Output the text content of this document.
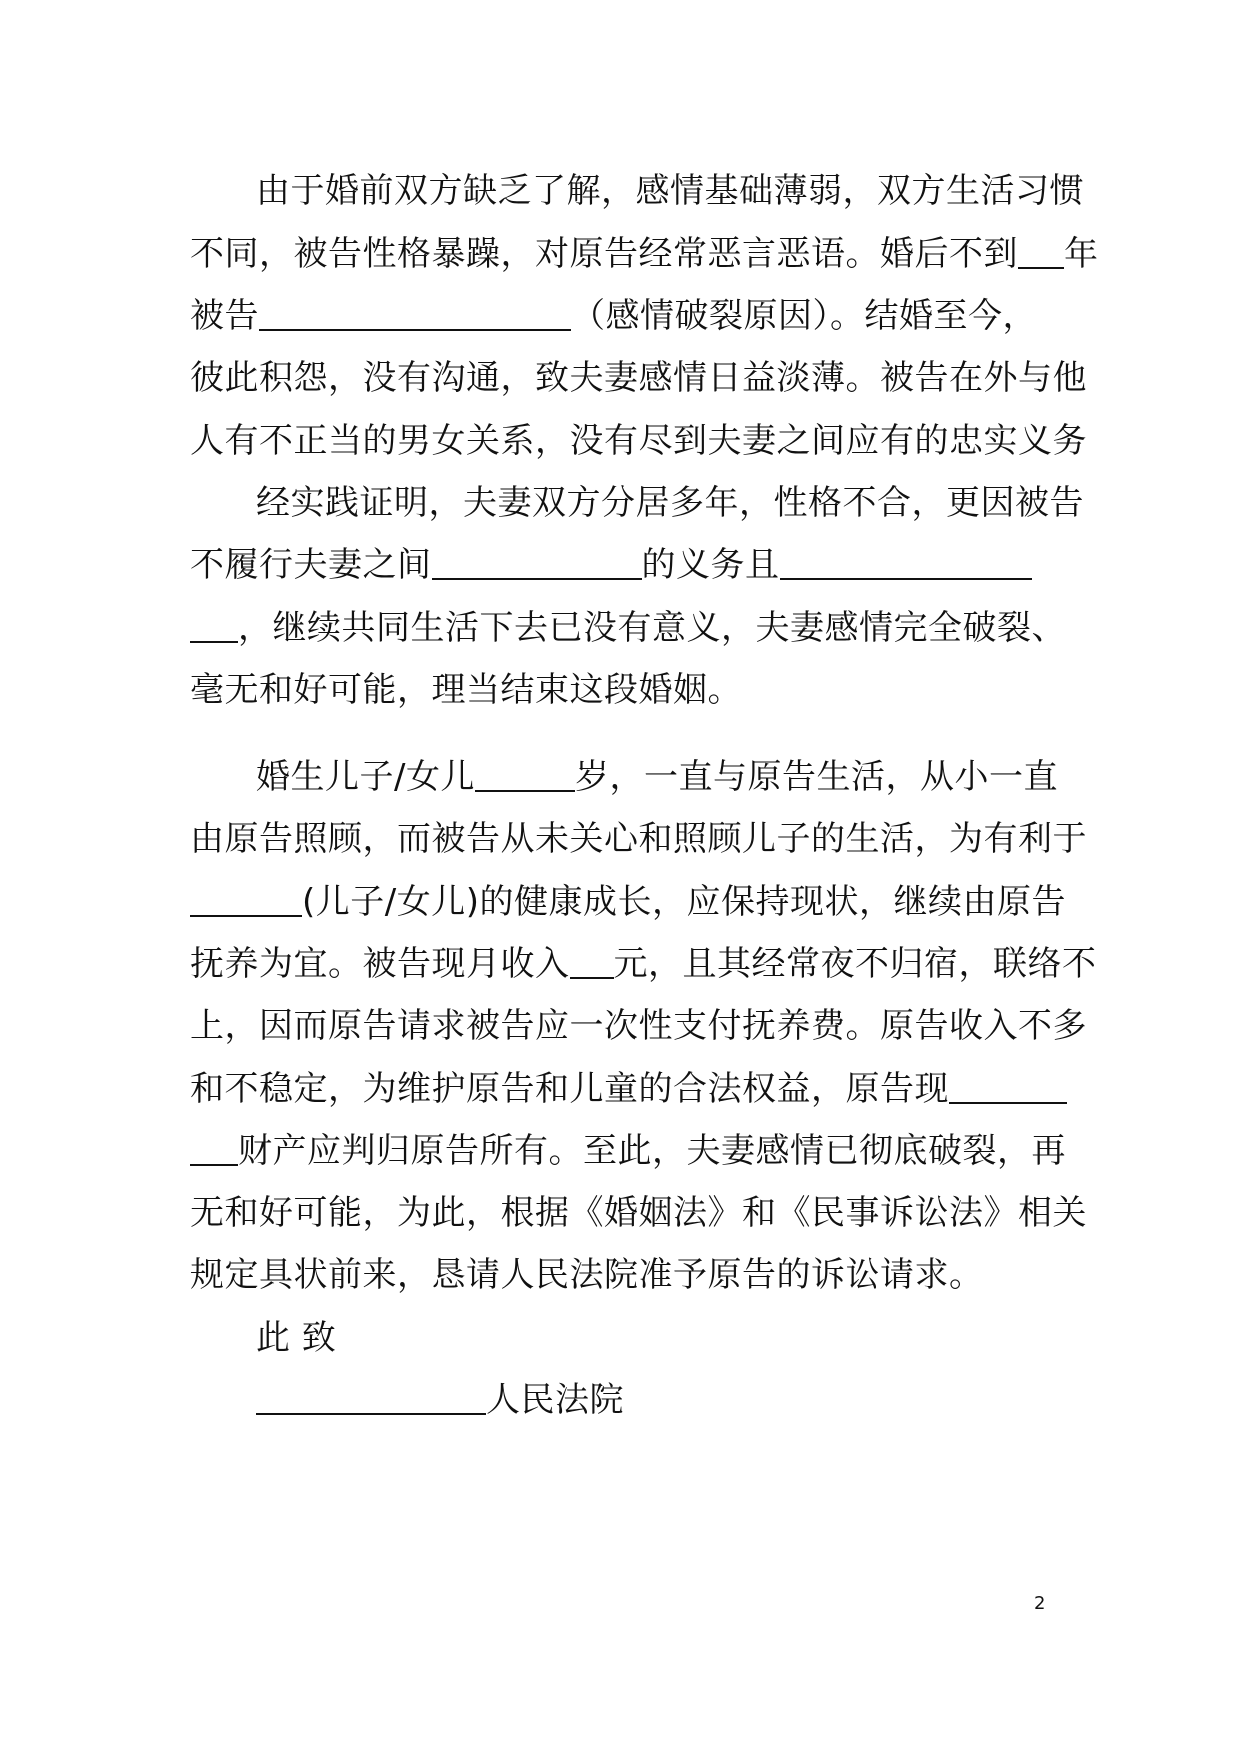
由于婚前双方缺乏了解，感情基础薄弱，双方生活习惯
不同，被告性格暴躁，对原告经常恶言恶语。婚后不到 年
被告	（感情破裂原因）。结婚至今，
彼此积怨，没有沟通，致夫妻感情日益淡薄。被告在外与他
人有不正当的男女关系，没有尽到夫妻之间应有的忠实义务
经实践证明，夫妻双方分居多年，性格不合，更因被告
不履行夫妻之间	的义务且
，继续共同生活下去已没有意义，夫妻感情完全破裂、
毫无和好可能，理当结束这段婚姻。
婚生儿子/女儿	岁，一直与原告生活，从小一直
由原告照顾，而被告从未关心和照顾儿子的生活，为有利于
(儿子/女儿)的健康成长，应保持现状，继续由原告
抚养为宜。被告现月收入 元，且其经常夜不归宿，联络不
上，因而原告请求被告应一次性支付抚养费。原告收入不多
和不稳定，为维护原告和儿童的合法权益，原告现
财产应判归原告所有。至此，夫妻感情已彻底破裂，再
无和好可能，为此，根据《婚姻法》和《民事诉讼法》相关
规定具状前来，恳请人民法院准予原告的诉讼请求。
此 致
人民法院
2
